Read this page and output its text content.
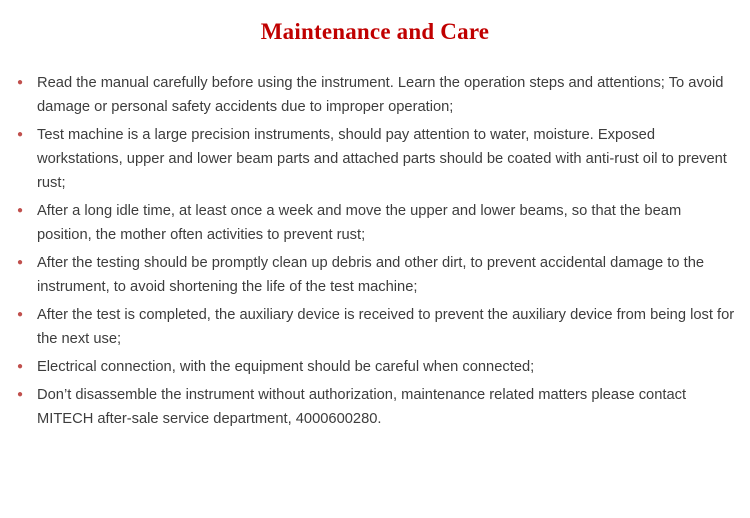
Maintenance and Care
● Read the manual carefully before using the instrument. Learn the operation steps and attentions; To avoid damage or personal safety accidents due to improper operation;
● Test machine is a large precision instruments, should pay attention to water, moisture. Exposed workstations, upper and lower beam parts and attached parts should be coated with anti-rust oil to prevent rust;
● After a long idle time, at least once a week and move the upper and lower beams, so that the beam position, the mother often activities to prevent rust;
● After the testing should be promptly clean up debris and other dirt, to prevent accidental damage to the instrument, to avoid shortening the life of the test machine;
● After the test is completed, the auxiliary device is received to prevent the auxiliary device from being lost for the next use;
● Electrical connection, with the equipment should be careful when connected;
● Don’t disassemble the instrument without authorization, maintenance related matters please contact MITECH after-sale service department, 4000600280.
